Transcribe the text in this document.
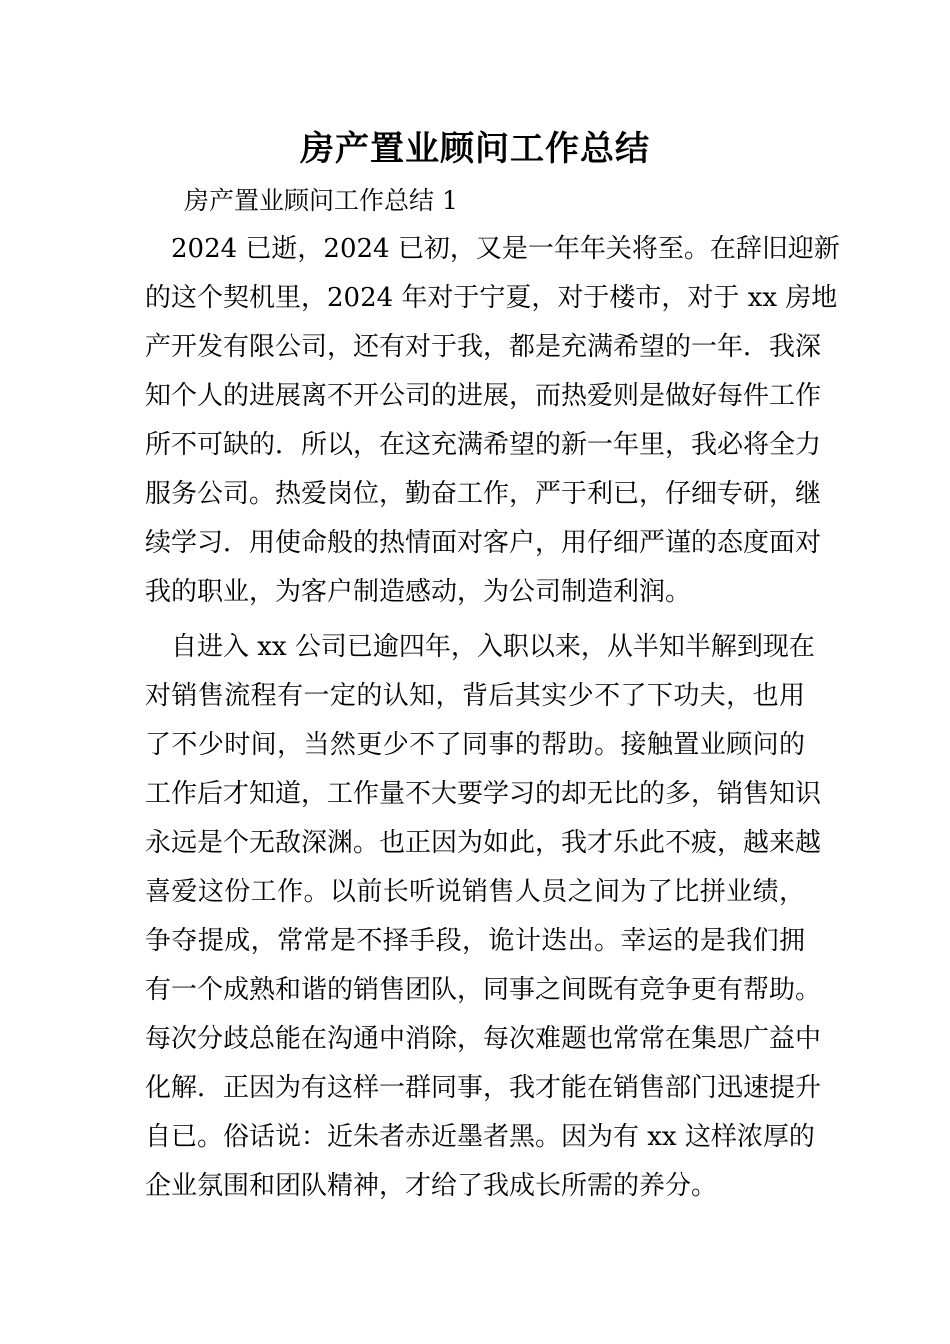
房产置业顾问工作总结
房产置业顾问工作总结 1
2024 已逝，2024 已初，又是一年年关将至。在辞旧迎新
的这个契机里，2024 年对于宁夏，对于楼市，对于 xx 房地
产开发有限公司，还有对于我，都是充满希望的一年．我深
知个人的进展离不开公司的进展，而热爱则是做好每件工作
所不可缺的．所以，在这充满希望的新一年里，我必将全力
服务公司。热爱岗位，勤奋工作，严于利已，仔细专研，继
续学习．用使命般的热情面对客户，用仔细严谨的态度面对
我的职业，为客户制造感动，为公司制造利润。
自进入 xx 公司已逾四年，入职以来，从半知半解到现在
对销售流程有一定的认知，背后其实少不了下功夫，也用
了不少时间，当然更少不了同事的帮助。接触置业顾问的
工作后才知道，工作量不大要学习的却无比的多，销售知识
永远是个无敌深渊。也正因为如此，我才乐此不疲，越来越
喜爱这份工作。以前长听说销售人员之间为了比拼业绩，
争夺提成，常常是不择手段，诡计迭出。幸运的是我们拥
有一个成熟和谐的销售团队，同事之间既有竞争更有帮助。
每次分歧总能在沟通中消除，每次难题也常常在集思广益中
化解．正因为有这样一群同事，我才能在销售部门迅速提升
自已。俗话说：近朱者赤近墨者黑。因为有 xx 这样浓厚的
企业氛围和团队精神，才给了我成长所需的养分。
